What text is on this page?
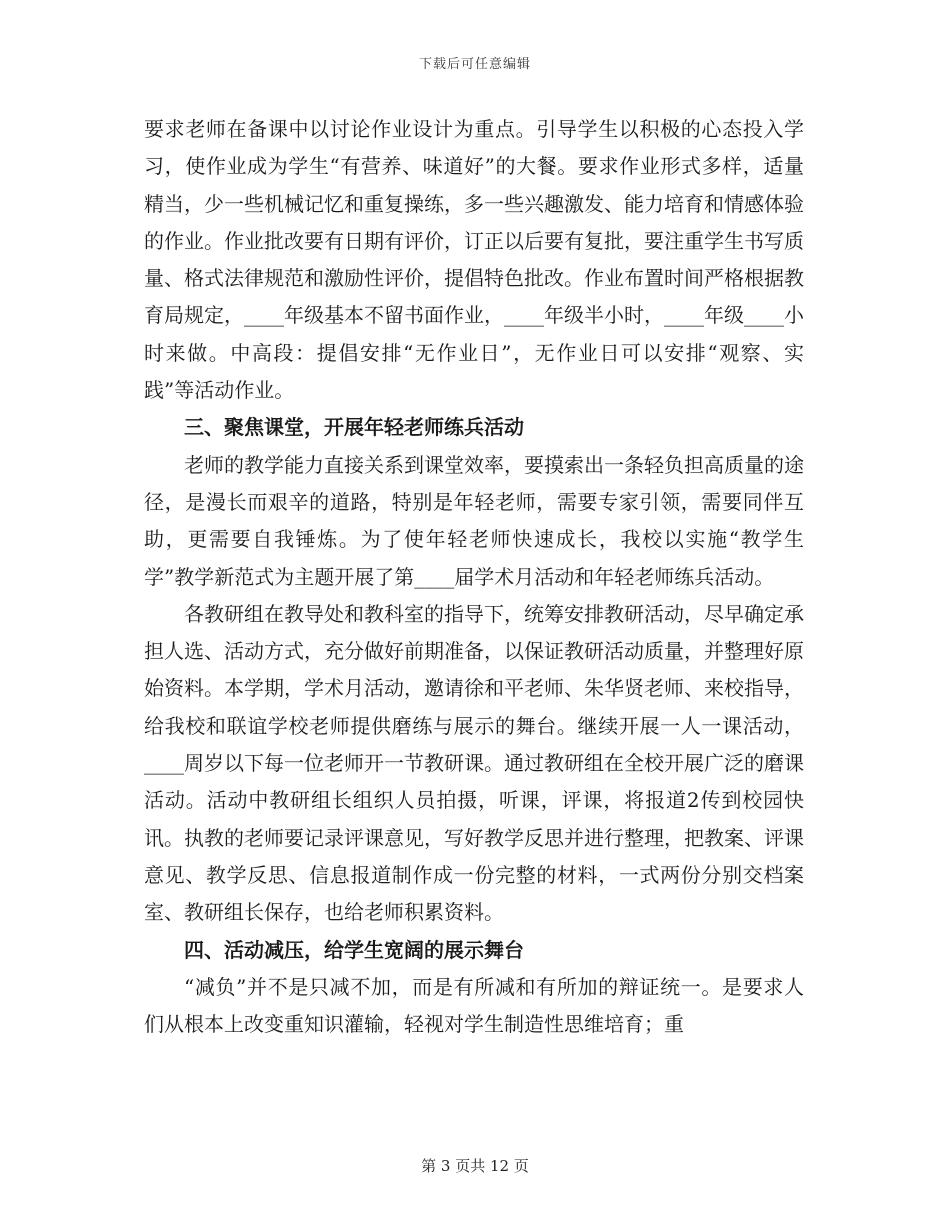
下载后可任意编辑

要求老师在备课中以讨论作业设计为重点。引导学生以积极的心态投入学习，使作业成为学生“有营养、味道好”的大餐。要求作业形式多样，适量精当，少一些机械记忆和重复操练，多一些兴趣激发、能力培育和情感体验的作业。作业批改要有日期有评价，订正以后要有复批，要注重学生书写质量、格式法律规范和激励性评价，提倡特色批改。作业布置时间严格根据教育局规定，____年级基本不留书面作业，____年级半小时，____年级____小时来做。中高段：提倡安排“无作业日”，无作业日可以安排“观察、实践”等活动作业。

三、聚焦课堂，开展年轻老师练兵活动

老师的教学能力直接关系到课堂效率，要摸索出一条轻负担高质量的途径，是漫长而艰辛的道路，特别是年轻老师，需要专家引领，需要同伴互助，更需要自我锤炼。为了使年轻老师快速成长，我校以实施“教学生学”教学新范式为主题开展了第____届学术月活动和年轻老师练兵活动。

各教研组在教导处和教科室的指导下，统筹安排教研活动，尽早确定承担人选、活动方式，充分做好前期准备，以保证教研活动质量，并整理好原始资料。本学期，学术月活动，邀请徐和平老师、朱华贤老师、来校指导，给我校和联谊学校老师提供磨练与展示的舞台。继续开展一人一课活动，____周岁以下每一位老师开一节教研课。通过教研组在全校开展广泛的磨课活动。活动中教研组长组织人员拍摄，听课，评课，将报道2传到校园快讯。执教的老师要记录评课意见，写好教学反思并进行整理，把教案、评课意见、教学反思、信息报道制作成一份完整的材料，一式两份分别交档案室、教研组长保存，也给老师积累资料。

四、活动减压，给学生宽阔的展示舞台

“减负”并不是只减不加，而是有所减和有所加的辩证统一。是要求人们从根本上改变重知识灌输，轻视对学生制造性思维培育；重

第 3 页共 12 页
